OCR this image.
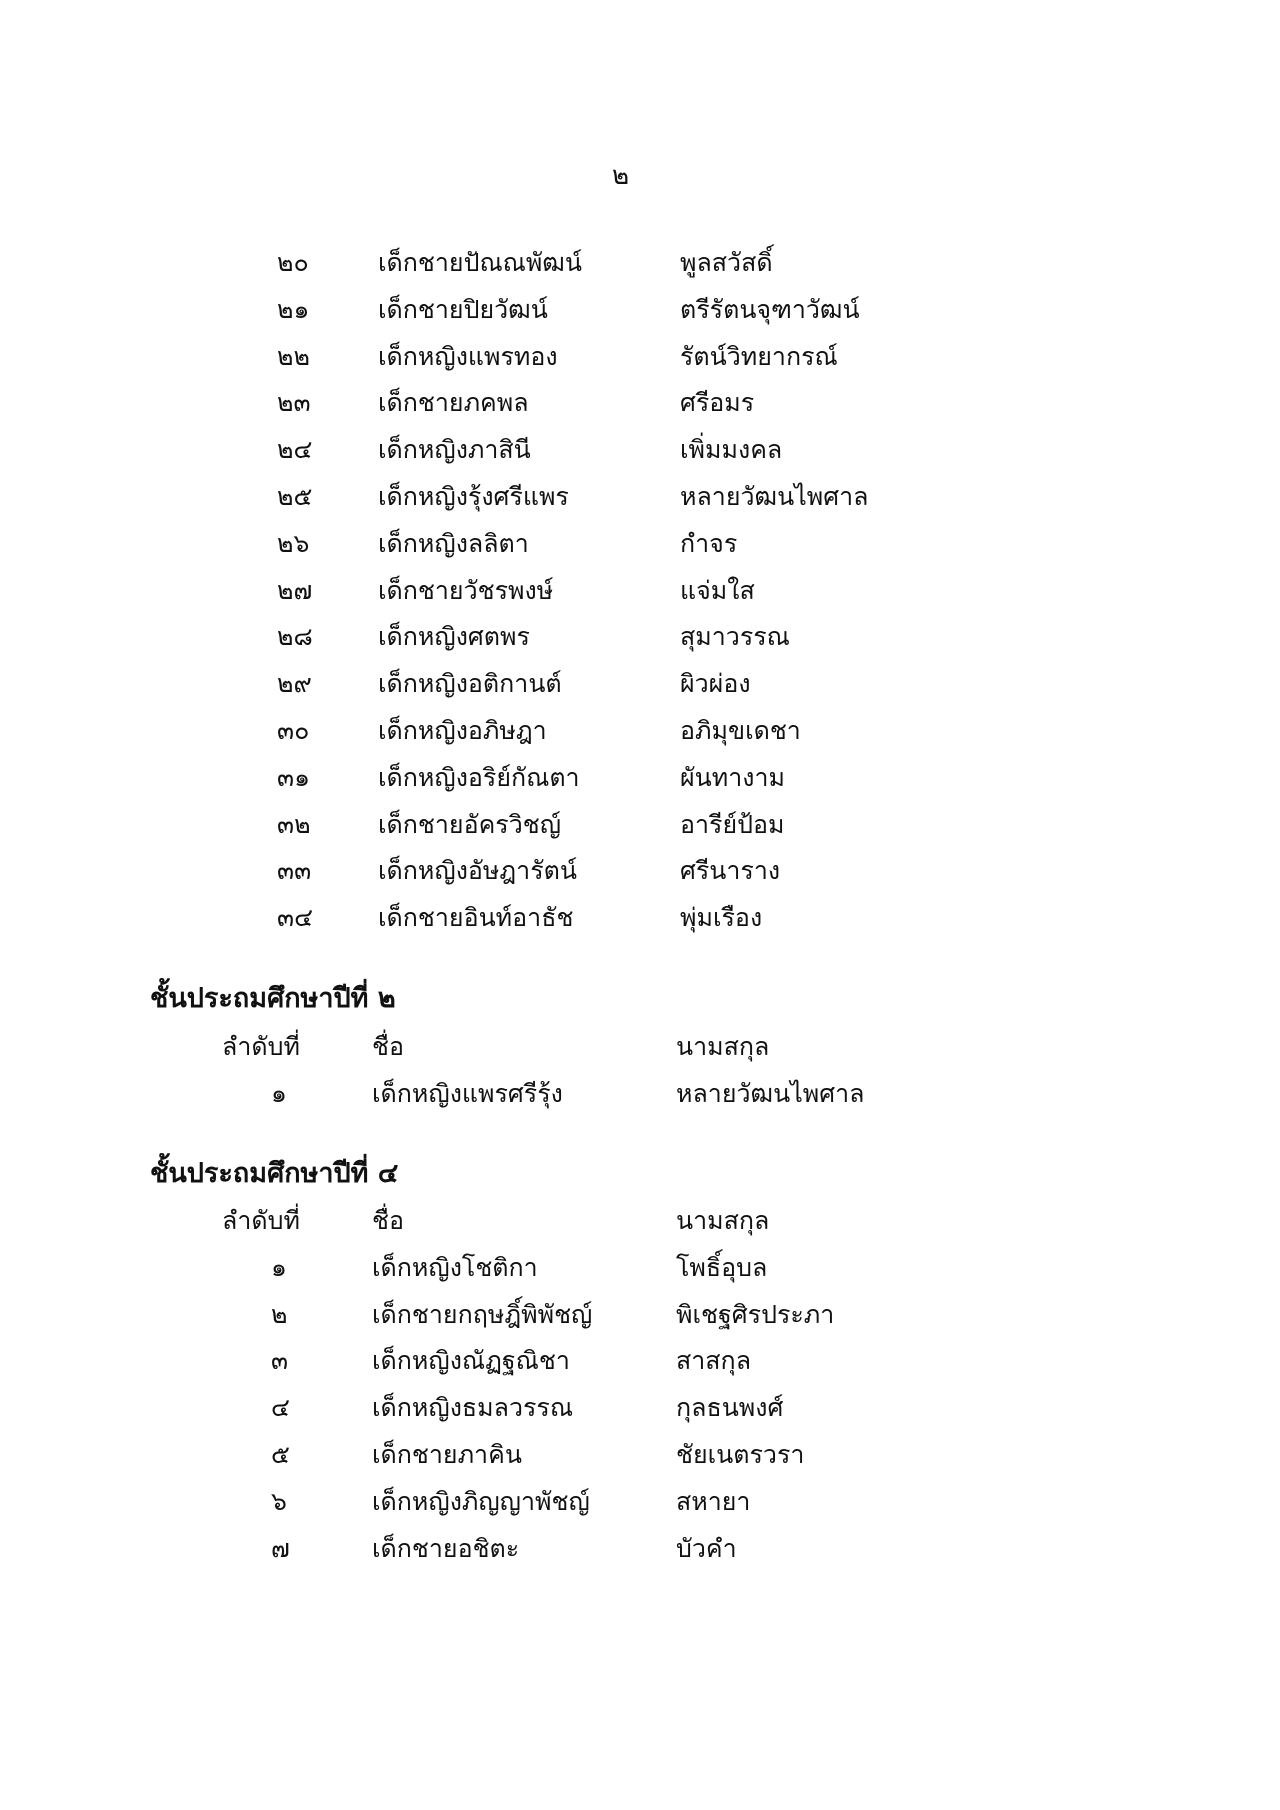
๒
๒๐	เด็กชายปัณณพัฒน์	พูลสวัสดิ์
๒๑	เด็กชายปิยวัฒน์	ตรีรัตนจุฑาวัฒน์
๒๒	เด็กหญิงแพรทอง	รัตน์วิทยากรณ์
๒๓	เด็กชายภคพล	ศรีอมร
๒๔	เด็กหญิงภาสินี	เพิ่มมงคล
๒๕	เด็กหญิงรุ้งศรีแพร	หลายวัฒนไพศาล
๒๖	เด็กหญิงลลิตา	กำจร
๒๗	เด็กชายวัชรพงษ์	แจ่มใส
๒๘	เด็กหญิงศตพร	สุมาวรรณ
๒๙	เด็กหญิงอติกานต์	ผิวผ่อง
๓๐	เด็กหญิงอภิษฎา	อภิมุขเดชา
๓๑	เด็กหญิงอริย์กัณตา	ผันทางาม
๓๒	เด็กชายอัครวิชญ์	อารีย์ป้อม
๓๓	เด็กหญิงอัษฎารัตน์	ศรีนาราง
๓๔	เด็กชายอินท์อาธัช	พุ่มเรือง
ชั้นประถมศึกษาปีที่ ๒
ลำดับที่	ชื่อ	นามสกุล
๑	เด็กหญิงแพรศรีรุ้ง	หลายวัฒนไพศาล
ชั้นประถมศึกษาปีที่ ๔
ลำดับที่	ชื่อ	นามสกุล
๑	เด็กหญิงโชติกา	โพธิ์อุบล
๒	เด็กชายกฤษฎิ์พิพัชญ์	พิเชฐศิรประภา
๓	เด็กหญิงณัฏฐณิชา	สาสกุล
๔	เด็กหญิงธมลวรรณ	กุลธนพงศ์
๕	เด็กชายภาคิน	ชัยเนตรวรา
๖	เด็กหญิงภิญญาพัชญ์	สหายา
๗	เด็กชายอชิตะ	บัวคำ
